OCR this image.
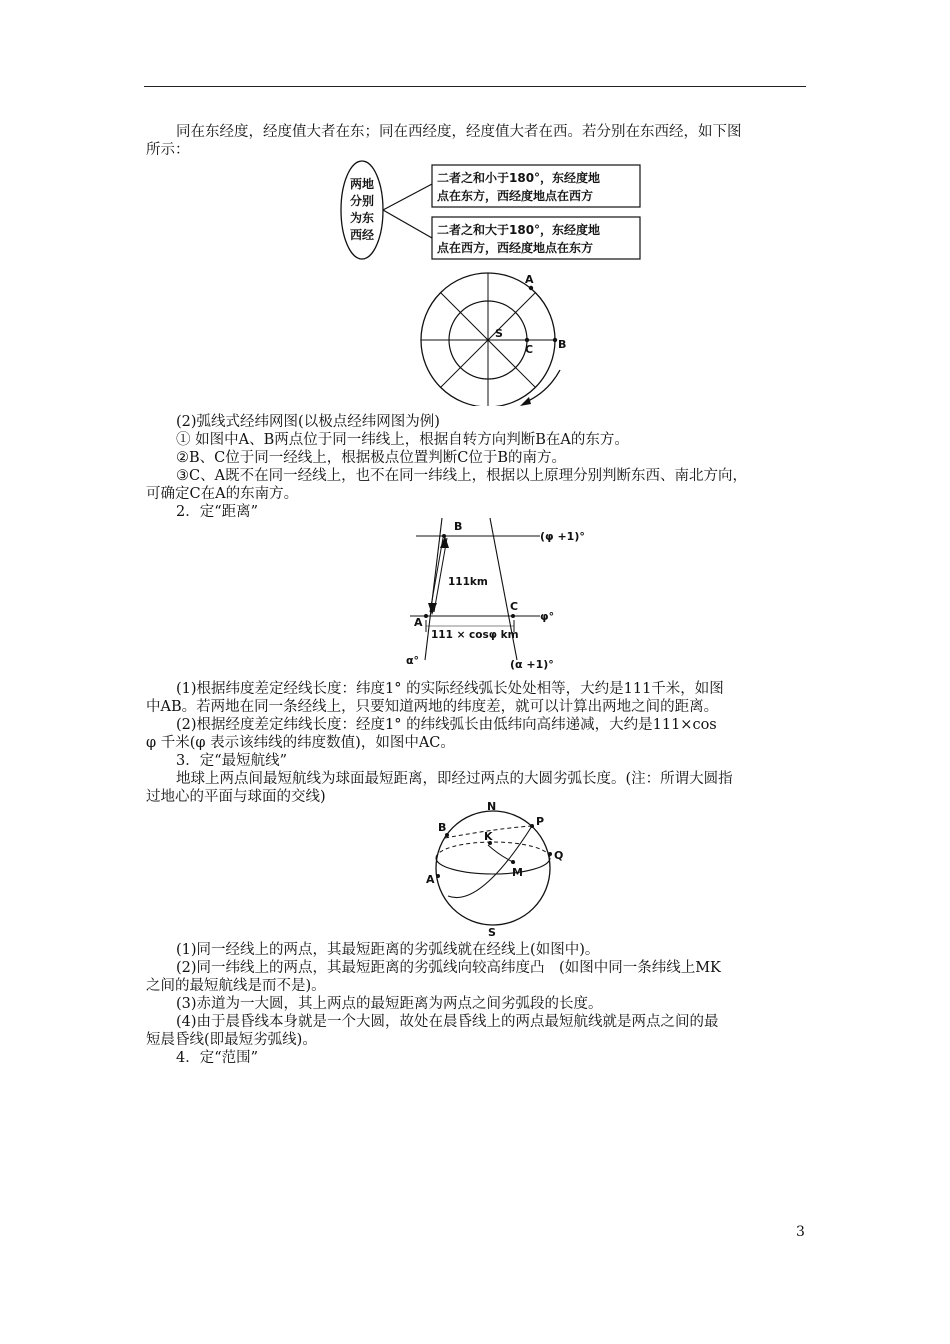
同在东经度，经度值大者在东；同在西经度，经度值大者在西。若分别在东西经，如下图
所示：
两地
分别
为东
西经
二者之和小于180°，东经度地
点在东方，西经度地点在西方
二者之和大于180°，东经度地
点在西方，西经度地点在东方
A
S
C B
(2)弧线式经纬网图(以极点经纬网图为例)
① 如图中A、B两点位于同一纬线上，根据自转方向判断B在A的东方。
②B、C位于同一经线上，根据极点位置判断C位于B的南方。
③C、A既不在同一经线上，也不在同一纬线上，根据以上原理分别判断东西、南北方向，
可确定C在A的东南方。
2．定“距离”
B
(φ +1)°
111km
C
φ°
A
111 × cosφ km
α°	(α +1)°
(1)根据纬度差定经线长度：纬度1° 的实际经线弧长处处相等，大约是111千米，如图
中AB。若两地在同一条经线上，只要知道两地的纬度差，就可以计算出两地之间的距离。
(2)根据经度差定纬线长度：经度1° 的纬线弧长由低纬向高纬递减，大约是111×cos
φ 千米(φ 表示该纬线的纬度数值)，如图中AC。
3．定“最短航线”
地球上两点间最短航线为球面最短距离，即经过两点的大圆劣弧长度。(注：所谓大圆指
过地心的平面与球面的交线)
N
P
B
K
Q
M
A
S
(1)同一经线上的两点，其最短距离的劣弧线就在经线上(如图中)。
(2)同一纬线上的两点，其最短距离的劣弧线向较高纬度凸　(如图中同一条纬线上MK
之间的最短航线是而不是)。
(3)赤道为一大圆，其上两点的最短距离为两点之间劣弧段的长度。
(4)由于晨昏线本身就是一个大圆，故处在晨昏线上的两点最短航线就是两点之间的最
短晨昏线(即最短劣弧线)。
4．定“范围”
3
